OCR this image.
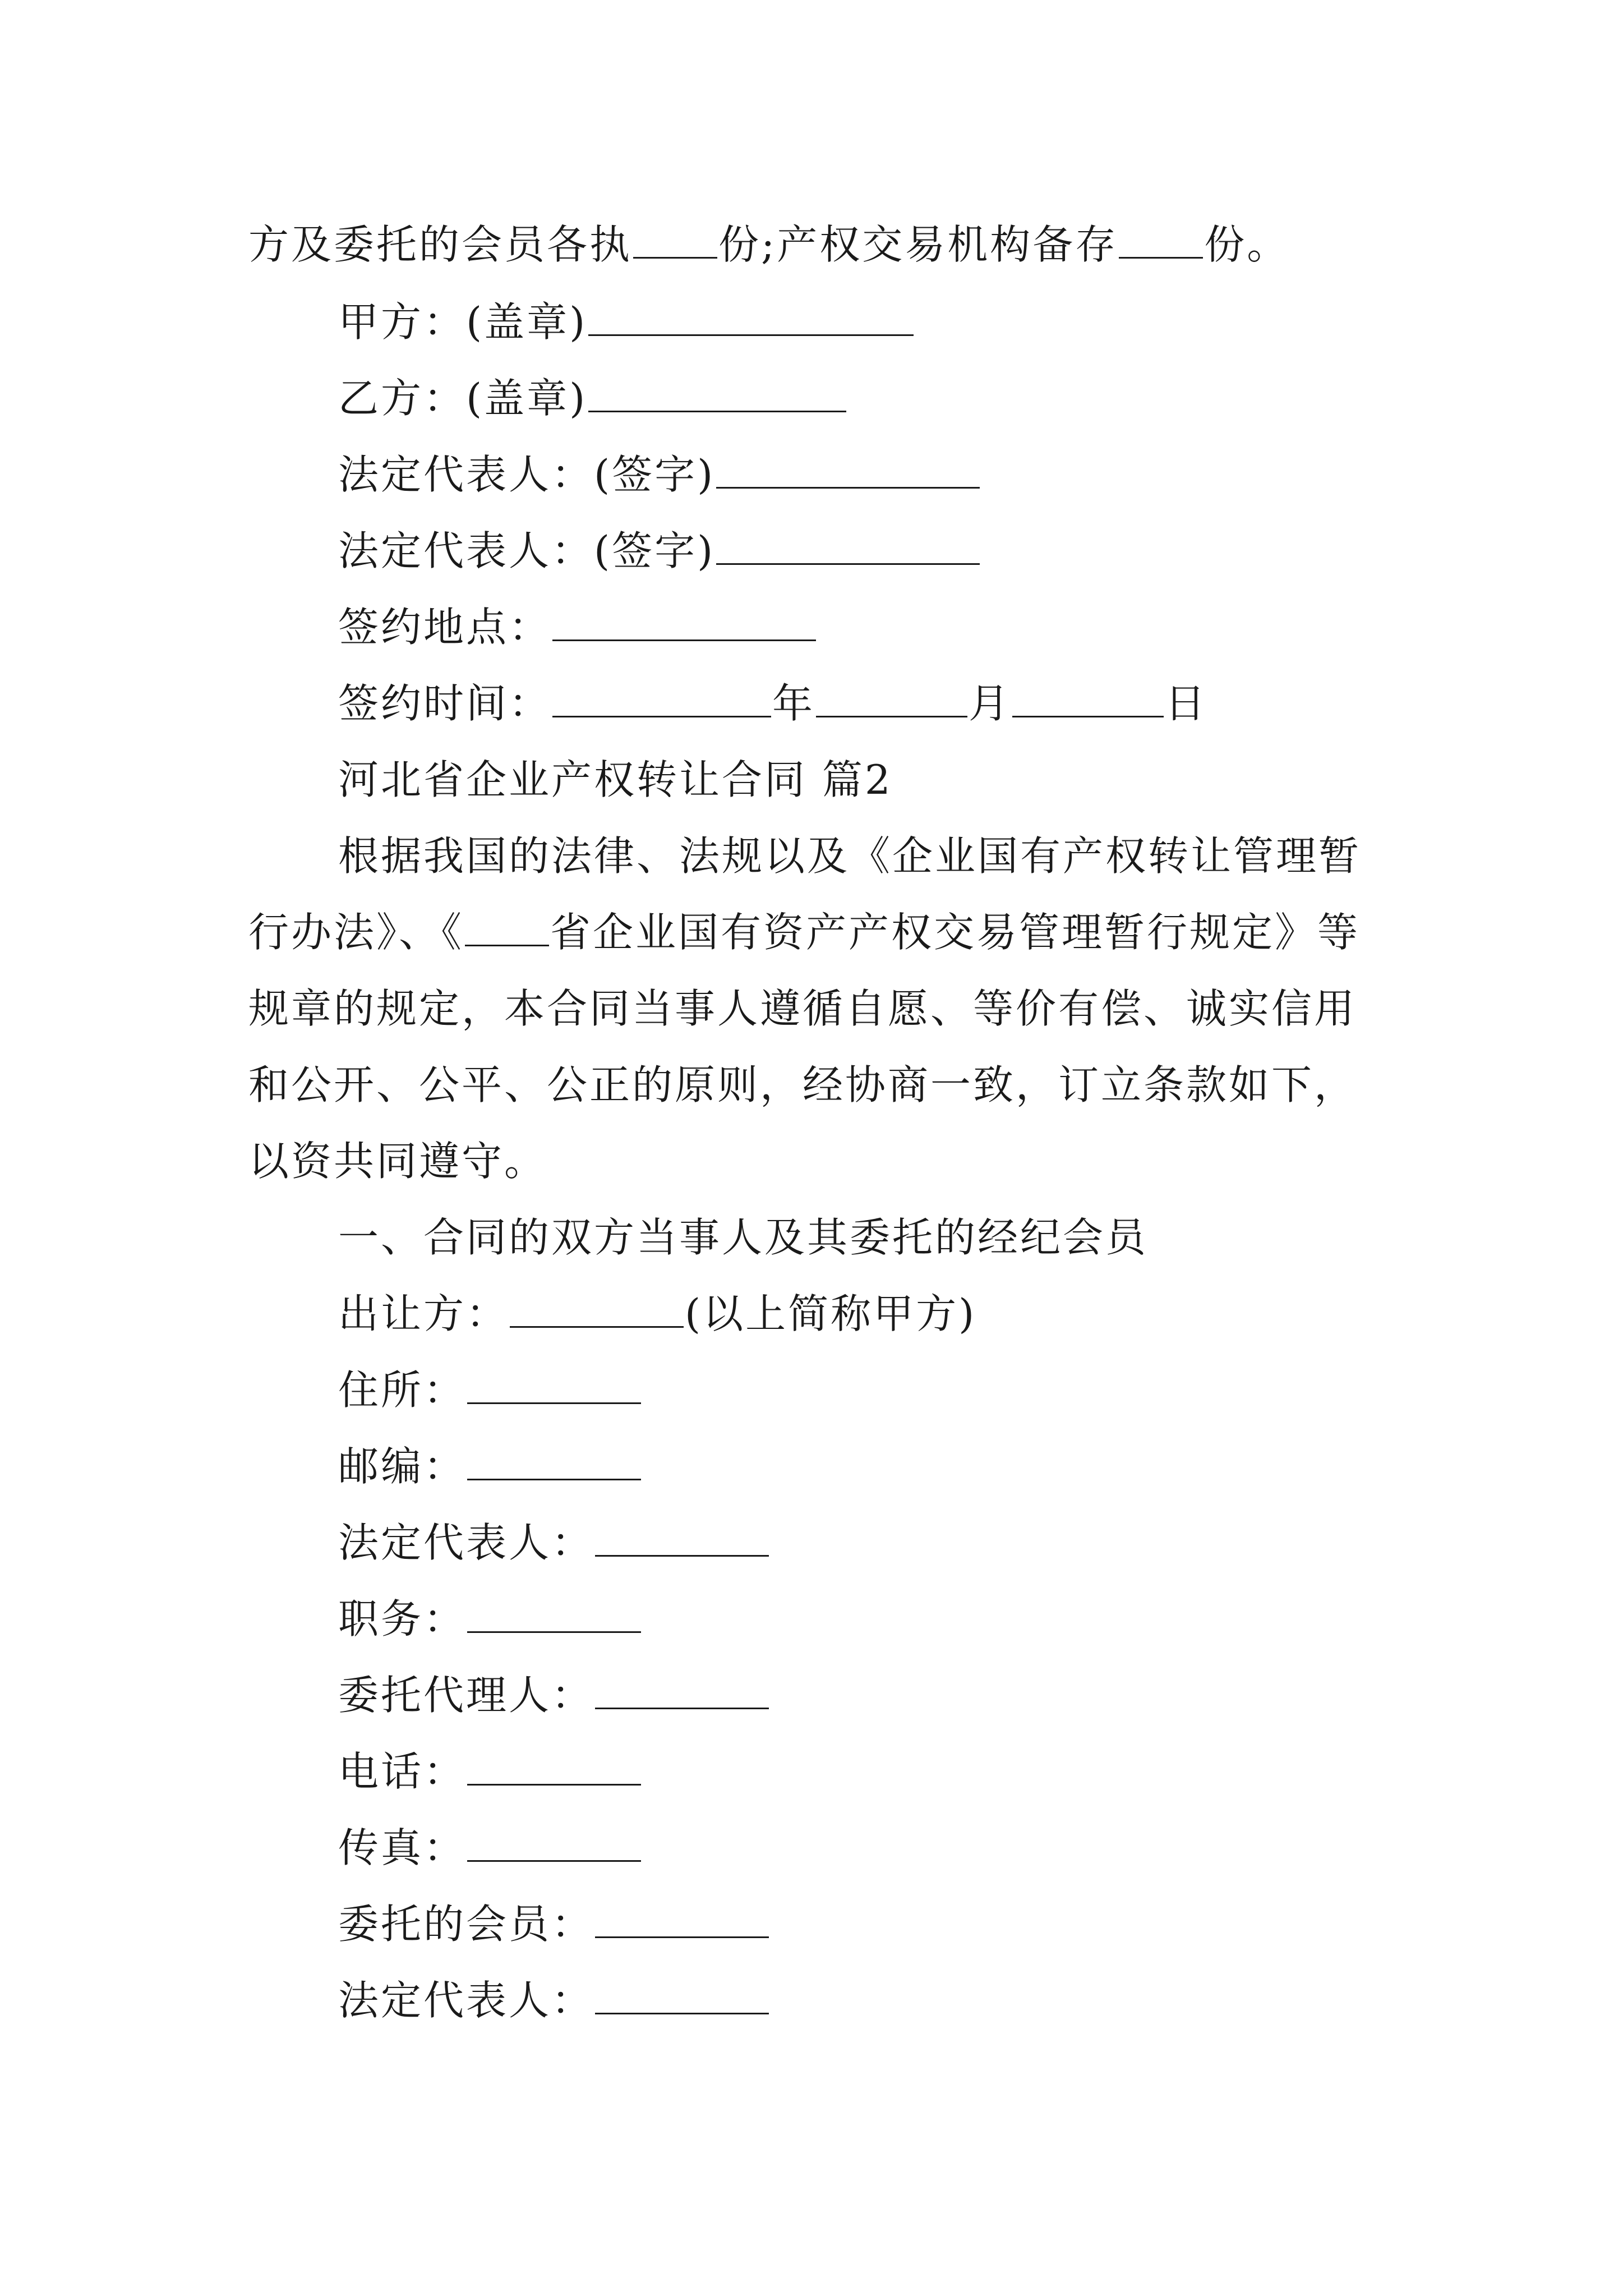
方及委托的会员各执 份;产权交易机构备存 份。
甲方：(盖章)
乙方：(盖章)
法定代表人：(签字)
法定代表人：(签字)
签约地点：
签约时间：	年	月	日
河北省企业产权转让合同 篇2
根据我国的法律、法规以及《企业国有产权转让管理暂
行办法》、《 省企业国有资产产权交易管理暂行规定》等
规章的规定，本合同当事人遵循自愿、等价有偿、诚实信用
和公开、公平、公正的原则，经协商一致，订立条款如下，
以资共同遵守。
一、合同的双方当事人及其委托的经纪会员
出让方：	(以上简称甲方)
住所：
邮编：
法定代表人：
职务：
委托代理人：
电话：
传真：
委托的会员：
法定代表人：
